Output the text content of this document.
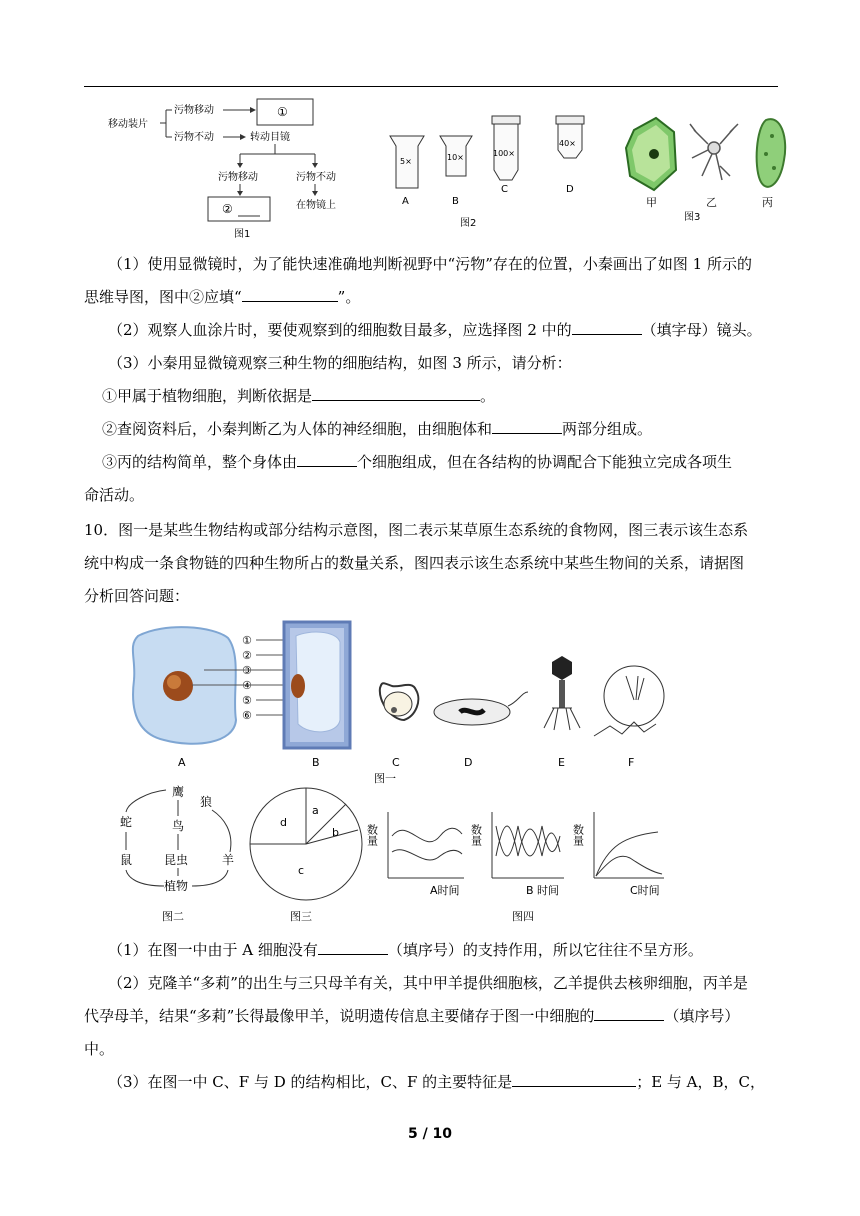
移动装片
污物移动
污物不动
①
转动目镜
污物移动	污物不动
②	在物镜上
图1
5×
A
10×
B
100×
C
40×
D
图2
甲	乙	丙
图3
（1）使用显微镜时，为了能快速准确地判断视野中“污物”存在的位置，小秦画出了如图 1 所示的
思维导图，图中②应填“	”。
（2）观察人血涂片时，要使观察到的细胞数目最多，应选择图 2 中的	（填字母）镜头。
（3）小秦用显微镜观察三种生物的细胞结构，如图 3 所示，请分析：
①甲属于植物细胞，判断依据是	。
②查阅资料后，小秦判断乙为人体的神经细胞，由细胞体和	两部分组成。
③丙的结构简单，整个身体由	个细胞组成，但在各结构的协调配合下能独立完成各项生
命活动。
10．图一是某些生物结构或部分结构示意图，图二表示某草原生态系统的食物网，图三表示该生态系
统中构成一条食物链的四种生物所占的数量关系，图四表示该生态系统中某些生物间的关系，请据图
分析回答问题：
A
①
②
③
④
⑤
⑥
B	C	D	E	F
图一
鹰
狼
蛇	鸟
鼠	昆虫	羊
植物
图二
a
b
c
d
图三
数量
A时间
数量
B 时间
数量
C时间
图四
（1）在图一中由于 A 细胞没有	（填序号）的支持作用，所以它往往不呈方形。
（2）克隆羊“多莉”的出生与三只母羊有关，其中甲羊提供细胞核，乙羊提供去核卵细胞，丙羊是
代孕母羊，结果“多莉”长得最像甲羊，说明遗传信息主要储存于图一中细胞的	（填序号）
中。
（3）在图一中 C、F 与 D 的结构相比，C、F 的主要特征是	；E 与 A，B，C，
5 / 10
